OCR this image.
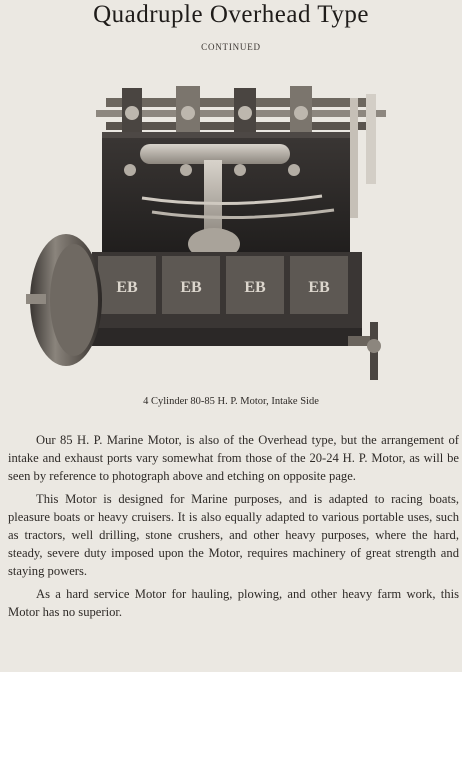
Quadruple Overhead Type
CONTINUED
EB	EB	EB	EB
4 Cylinder 80-85 H. P. Motor, Intake Side

Our 85 H. P. Marine Motor, is also of the Overhead type, but the arrangement of intake and exhaust ports vary somewhat from those of the 20-24 H. P. Motor, as will be seen by reference to photograph above and etching on opposite page.

This Motor is designed for Marine purposes, and is adapted to racing boats, pleasure boats or heavy cruisers. It is also equally adapted to various portable uses, such as tractors, well drilling, stone crushers, and other heavy purposes, where the hard, steady, severe duty imposed upon the Motor, requires machinery of great strength and staying powers.

As a hard service Motor for hauling, plowing, and other heavy farm work, this Motor has no superior.
